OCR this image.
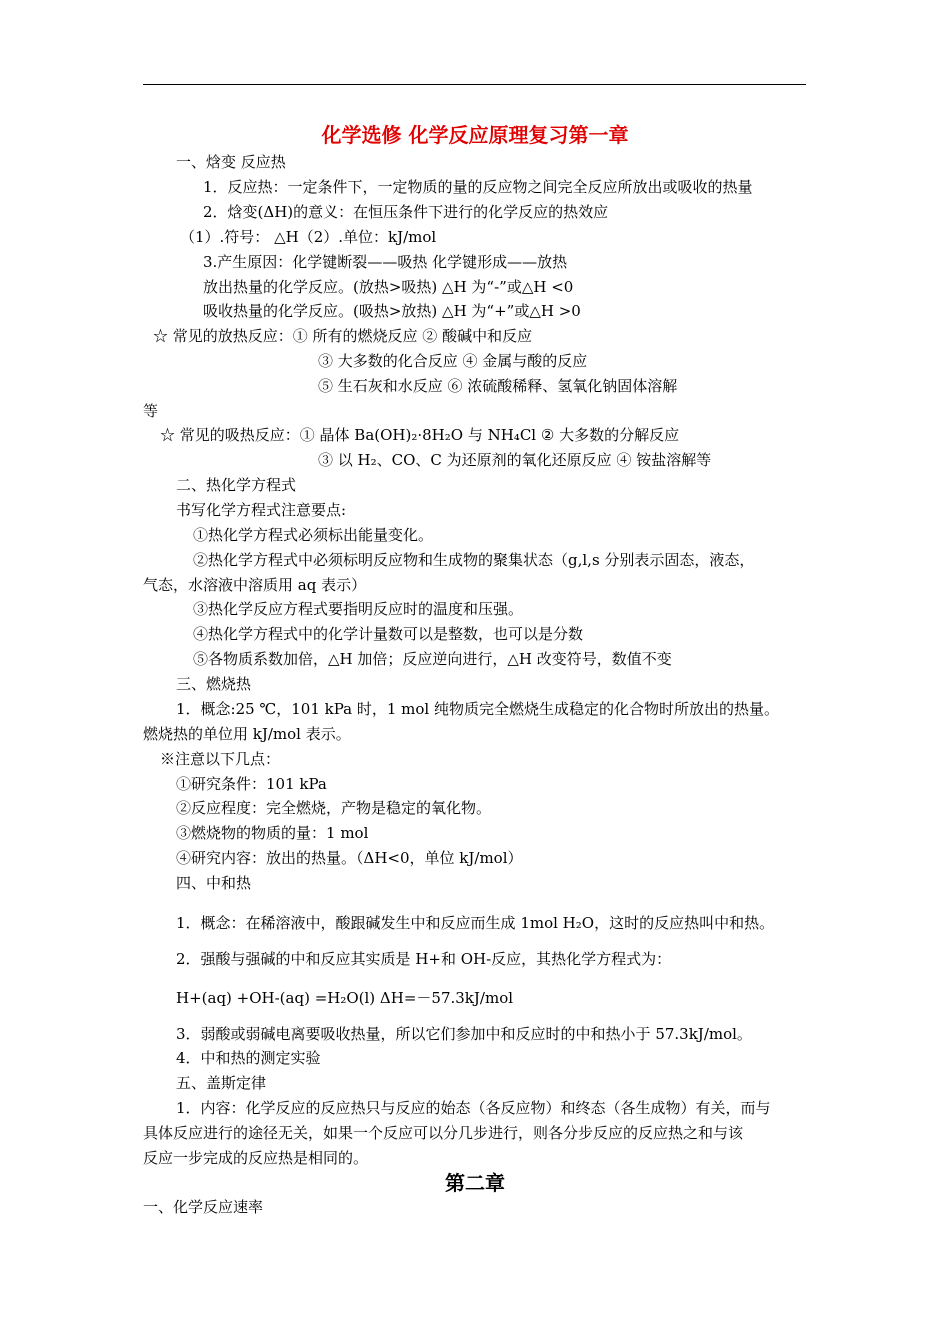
化学选修 化学反应原理复习第一章
一、焓变 反应热
1．反应热：一定条件下，一定物质的量的反应物之间完全反应所放出或吸收的热量
2．焓变(ΔH)的意义：在恒压条件下进行的化学反应的热效应
（1）.符号： △H（2）.单位：kJ/mol
3.产生原因：化学键断裂——吸热 化学键形成——放热
放出热量的化学反应。(放热>吸热) △H 为“-”或△H <0
吸收热量的化学反应。(吸热>放热) △H 为“+”或△H >0
☆ 常见的放热反应：① 所有的燃烧反应 ② 酸碱中和反应
③ 大多数的化合反应 ④ 金属与酸的反应
⑤ 生石灰和水反应 ⑥ 浓硫酸稀释、氢氧化钠固体溶解
等
☆ 常见的吸热反应：① 晶体 Ba(OH)₂·8H₂O 与 NH₄Cl ② 大多数的分解反应
③ 以 H₂、CO、C 为还原剂的氧化还原反应 ④ 铵盐溶解等
二、热化学方程式
书写化学方程式注意要点:
①热化学方程式必须标出能量变化。
②热化学方程式中必须标明反应物和生成物的聚集状态（g,l,s 分别表示固态，液态，
气态，水溶液中溶质用 aq 表示）
③热化学反应方程式要指明反应时的温度和压强。
④热化学方程式中的化学计量数可以是整数，也可以是分数
⑤各物质系数加倍，△H 加倍；反应逆向进行，△H 改变符号，数值不变
三、燃烧热
1．概念:25 ℃，101 kPa 时，1 mol 纯物质完全燃烧生成稳定的化合物时所放出的热量。
燃烧热的单位用 kJ/mol 表示。
※注意以下几点：
①研究条件：101 kPa
②反应程度：完全燃烧，产物是稳定的氧化物。
③燃烧物的物质的量：1 mol
④研究内容：放出的热量。（ΔH<0，单位 kJ/mol）
四、中和热
1．概念：在稀溶液中，酸跟碱发生中和反应而生成 1mol H₂O，这时的反应热叫中和热。
2．强酸与强碱的中和反应其实质是 H+和 OH-反应，其热化学方程式为：
H+(aq) +OH-(aq) =H₂O(l) ΔH=－57.3kJ/mol
3．弱酸或弱碱电离要吸收热量，所以它们参加中和反应时的中和热小于 57.3kJ/mol。
4．中和热的测定实验
五、盖斯定律
1．内容：化学反应的反应热只与反应的始态（各反应物）和终态（各生成物）有关，而与
具体反应进行的途径无关，如果一个反应可以分几步进行，则各分步反应的反应热之和与该
反应一步完成的反应热是相同的。
第二章
一、化学反应速率
